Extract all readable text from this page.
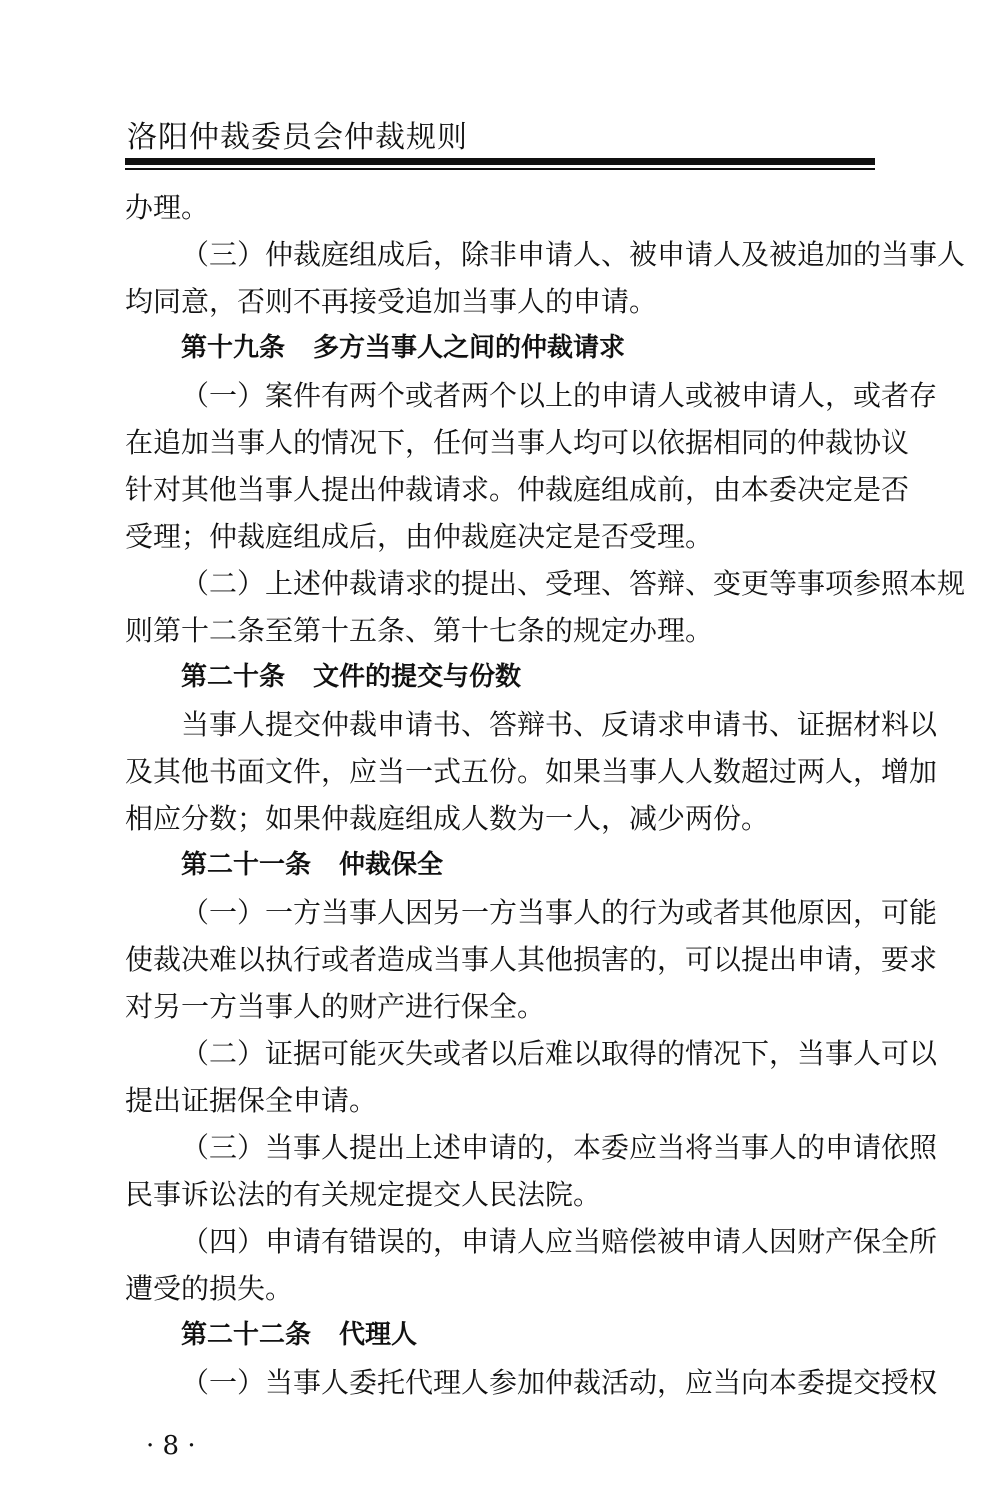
洛阳仲裁委员会仲裁规则
办理。
（三）仲裁庭组成后，除非申请人、被申请人及被追加的当事人
均同意，否则不再接受追加当事人的申请。
第十九条 多方当事人之间的仲裁请求
（一）案件有两个或者两个以上的申请人或被申请人，或者存
在追加当事人的情况下，任何当事人均可以依据相同的仲裁协议
针对其他当事人提出仲裁请求。仲裁庭组成前，由本委决定是否
受理；仲裁庭组成后，由仲裁庭决定是否受理。
（二）上述仲裁请求的提出、受理、答辩、变更等事项参照本规
则第十二条至第十五条、第十七条的规定办理。
第二十条 文件的提交与份数
当事人提交仲裁申请书、答辩书、反请求申请书、证据材料以
及其他书面文件，应当一式五份。如果当事人人数超过两人，增加
相应分数；如果仲裁庭组成人数为一人，减少两份。
第二十一条 仲裁保全
（一）一方当事人因另一方当事人的行为或者其他原因，可能
使裁决难以执行或者造成当事人其他损害的，可以提出申请，要求
对另一方当事人的财产进行保全。
（二）证据可能灭失或者以后难以取得的情况下，当事人可以
提出证据保全申请。
（三）当事人提出上述申请的，本委应当将当事人的申请依照
民事诉讼法的有关规定提交人民法院。
（四）申请有错误的，申请人应当赔偿被申请人因财产保全所
遭受的损失。
第二十二条 代理人
（一）当事人委托代理人参加仲裁活动，应当向本委提交授权
· 8 ·
